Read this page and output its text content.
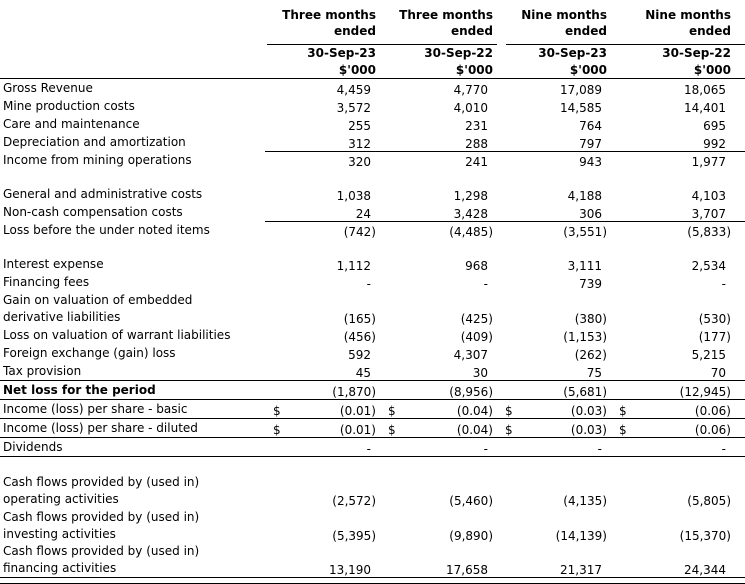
	Three months ended	Three months ended	Nine months ended	Nine months ended

	30-Sep-23	30-Sep-22	30-Sep-23	30-Sep-22
	$'000	$'000	$'000	$'000
Gross Revenue	4,459	4,770	17,089	18,065
Mine production costs	3,572	4,010	14,585	14,401
Care and maintenance	255	231	764	695
Depreciation and amortization	312	288	797	992
Income from mining operations	320	241	943	1,977

General and administrative costs	1,038	1,298	4,188	4,103
Non-cash compensation costs	24	3,428	306	3,707
Loss before the under noted items	(742)	(4,485)	(3,551)	(5,833)

Interest expense	1,112	968	3,111	2,534
Financing fees	-	-	739	-

Gain on valuation of embedded
derivative liabilities	(165)	(425)	(380)	(530)
Loss on valuation of warrant liabilities	(456)	(409)	(1,153)	(177)
Foreign exchange (gain) loss	592	4,307	(262)	5,215
Tax provision	45	30	75	70
Net loss for the period	(1,870)	(8,956)	(5,681)	(12,945)
Income (loss) per share - basic	$ (0.01)	$ (0.04)	$ (0.03)	$ (0.06)
Income (loss) per share - diluted	$ (0.01)	$ (0.04)	$ (0.03)	$ (0.06)
Dividends	-	-	-	-

Cash flows provided by (used in)
operating activities	(2,572)	(5,460)	(4,135)	(5,805)

Cash flows provided by (used in)
investing activities	(5,395)	(9,890)	(14,139)	(15,370)

Cash flows provided by (used in)
financing activities	13,190	17,658	21,317	24,344
